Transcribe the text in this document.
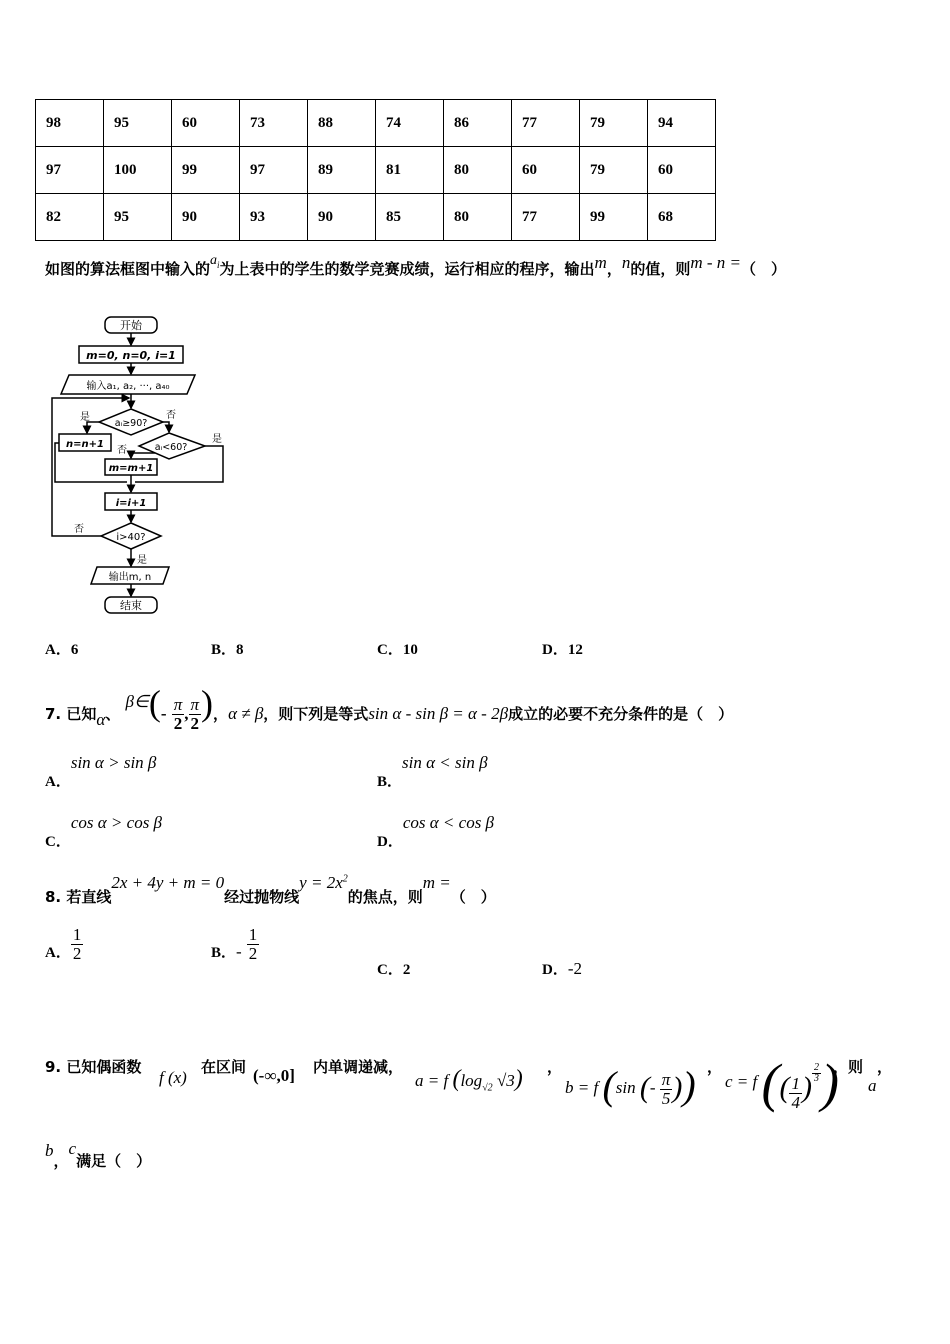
98	95	60	73	88	74	86	77	79	94
97	100	99	97	89	81	80	60	79	60
82	95	90	93	90	85	80	77	99	68
如图的算法框图中输入的$a_i$为上表中的学生的数学竞赛成绩，运行相应的程序，输出m，n的值，则m - n =（　）
开始
m=0, n=0, i=1
输入a₁, a₂, ···, a₄₀
aᵢ≥90?
是	否
n=n+1	aᵢ<60?
是
否
m=m+1
i=i+1
i>40?
否
是
输出m, n
结束
A．6	B．8	C．10	D．12
7. 已知α、 β∈(- $\frac{\pi}{2}$ , $\frac{\pi}{2}$ )，α ≠ β，则下列是等式sin α - sin β = α - 2β成立的必要不充分条件的是（　）
A．sin α > sin β
B．sin α < sin β
C．cos α > cos β
D．cos α < cos β
8. 若直线2x + 4y + m = 0经过抛物线$y = 2x^2$的焦点，则m =（　）
A． $\frac{1}{2}$	B．- $\frac{1}{2}$
C．2	D．-2
9. 已知偶函数
f (x)
在区间 (-∞,0] 内单调递减，
a = f ($\log_{√2}$ √3) ，
b = f (sin (- $\frac{\pi}{5}$ )) ，
c = f (( $\frac{1}{4}$ ) $\frac{2}{3}$ )
，则
a
，
b，c满足（　）
